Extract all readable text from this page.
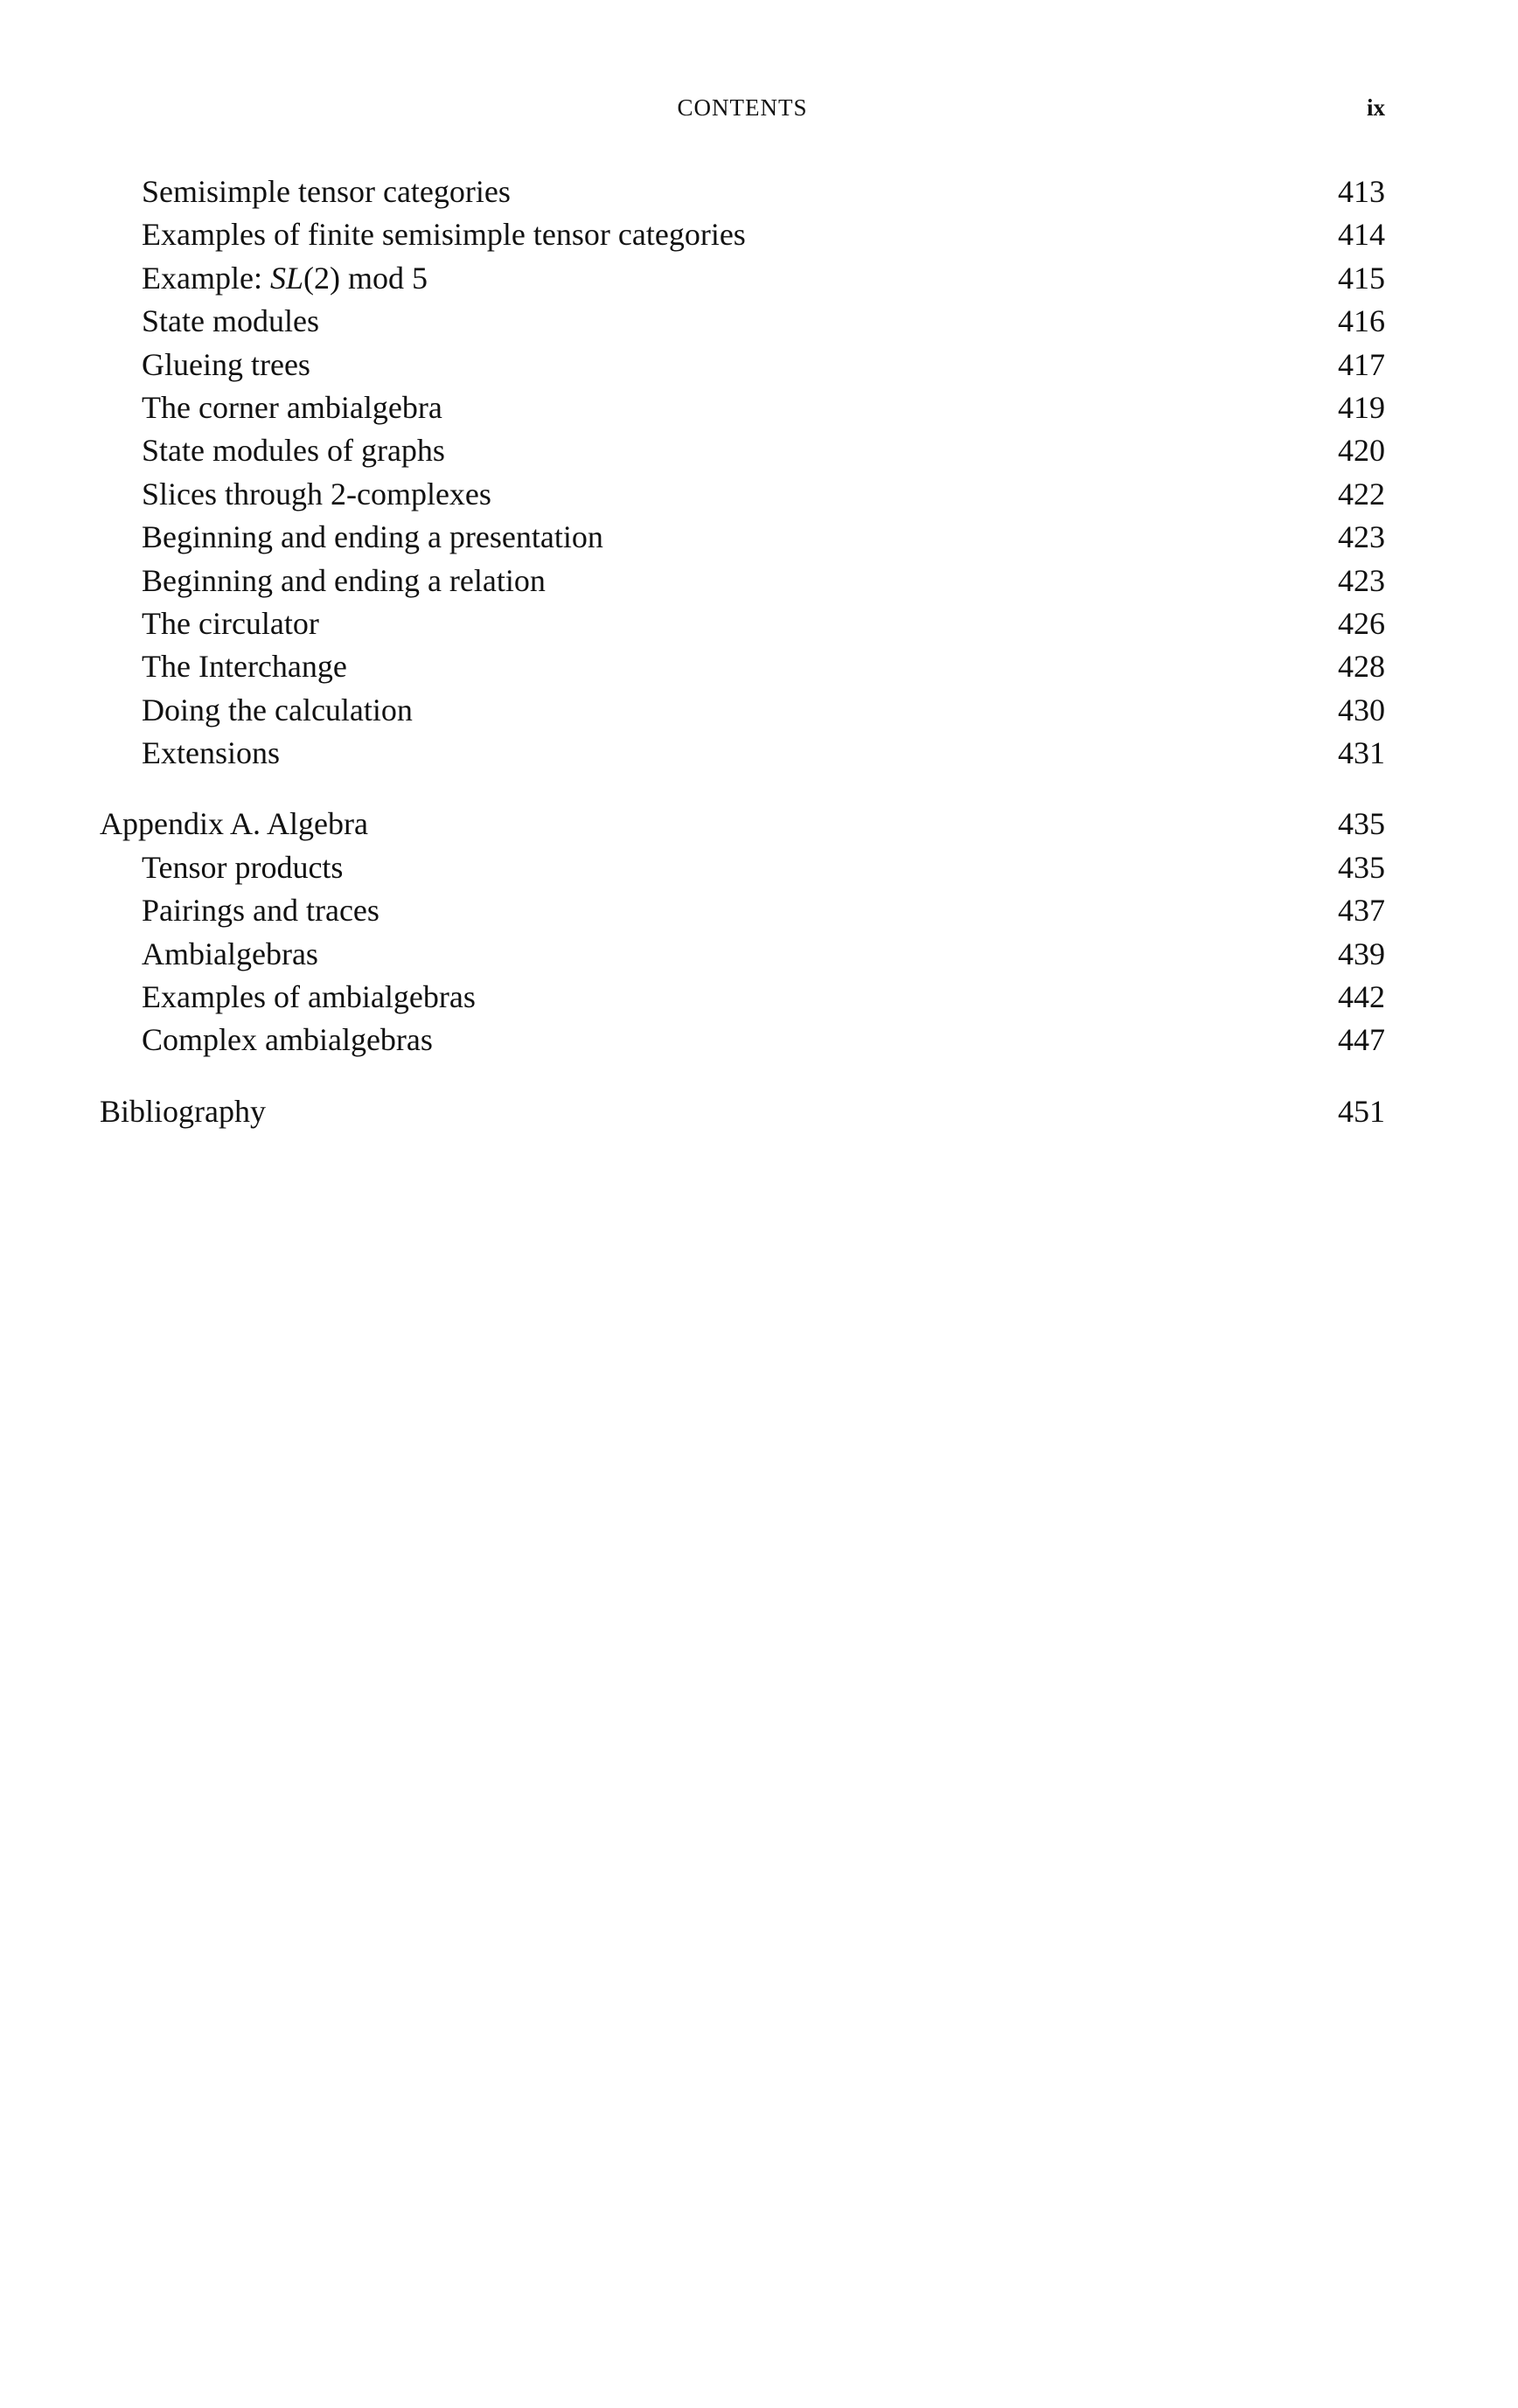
CONTENTS	ix
Semisimple tensor categories	413
Examples of finite semisimple tensor categories	414
Example: SL(2) mod 5	415
State modules	416
Glueing trees	417
The corner ambialgebra	419
State modules of graphs	420
Slices through 2-complexes	422
Beginning and ending a presentation	423
Beginning and ending a relation	423
The circulator	426
The Interchange	428
Doing the calculation	430
Extensions	431
Appendix A. Algebra	435
Tensor products	435
Pairings and traces	437
Ambialgebras	439
Examples of ambialgebras	442
Complex ambialgebras	447
Bibliography	451
